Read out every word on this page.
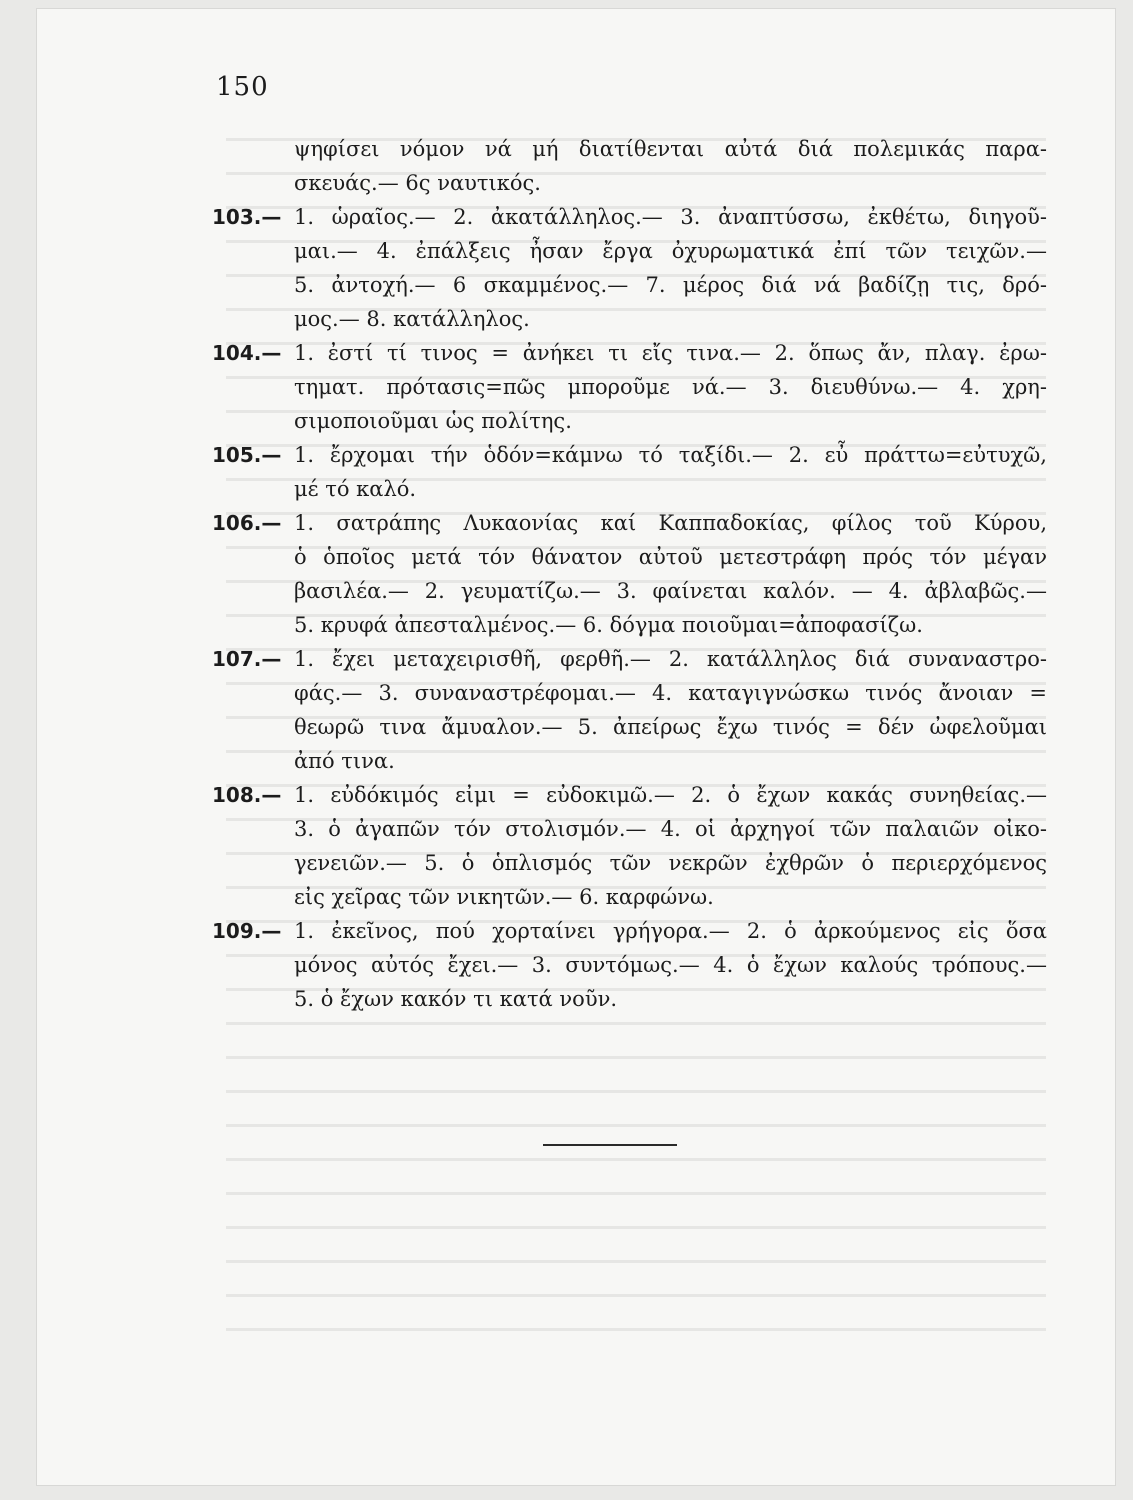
150
ψηφίσει νόμον νά μή διατίθενται αὐτά διά πολεμικάς παρα-
σκευάς.— 6ς ναυτικός.
103.— 1. ὡραῖος.— 2. ἀκατάλληλος.— 3. ἀναπτύσσω, ἐκθέτω, διηγοῦ-
μαι.— 4. ἐπάλξεις ἦσαν ἔργα ὀχυρωματικά ἐπί τῶν τειχῶν.—
5. ἀντοχή.— 6 σκαμμένος.— 7. μέρος διά νά βαδίζῃ τις, δρό-
μος.— 8. κατάλληλος.
104.— 1. ἐστί τί τινος = ἀνήκει τι εἴς τινα.— 2. ὅπως ἄν, πλαγ. ἐρω-
τηματ. πρότασις=πῶς μποροῦμε νά.— 3. διευθύνω.— 4. χρη-
σιμοποιοῦμαι ὡς πολίτης.
105.— 1. ἔρχομαι τήν ὁδόν=κάμνω τό ταξίδι.— 2. εὖ πράττω=εὐτυχῶ,
μέ τό καλό.
106.— 1. σατράπης Λυκαονίας καί Καππαδοκίας, φίλος τοῦ Κύρου,
ὁ ὁποῖος μετά τόν θάνατον αὐτοῦ μετεστράφη πρός τόν μέγαν
βασιλέα.— 2. γευματίζω.— 3. φαίνεται καλόν. — 4. ἀβλαβῶς.—
5. κρυφά ἀπεσταλμένος.— 6. δόγμα ποιοῦμαι=ἀποφασίζω.
107.— 1. ἔχει μεταχειρισθῆ, φερθῆ.— 2. κατάλληλος διά συναναστρο-
φάς.— 3. συναναστρέφομαι.— 4. καταγιγνώσκω τινός ἄνοιαν =
θεωρῶ τινα ἄμυαλον.— 5. ἀπείρως ἔχω τινός = δέν ὠφελοῦμαι
ἀπό τινα.
108.— 1. εὐδόκιμός εἰμι = εὐδοκιμῶ.— 2. ὁ ἔχων κακάς συνηθείας.—
3. ὁ ἀγαπῶν τόν στολισμόν.— 4. οἱ ἀρχηγοί τῶν παλαιῶν οἰκο-
γενειῶν.— 5. ὁ ὁπλισμός τῶν νεκρῶν ἐχθρῶν ὁ περιερχόμενος
εἰς χεῖρας τῶν νικητῶν.— 6. καρφώνω.
109.— 1. ἐκεῖνος, πού χορταίνει γρήγορα.— 2. ὁ ἀρκούμενος εἰς ὅσα
μόνος αὐτός ἔχει.— 3. συντόμως.— 4. ὁ ἔχων καλούς τρόπους.—
5. ὁ ἔχων κακόν τι κατά νοῦν.
